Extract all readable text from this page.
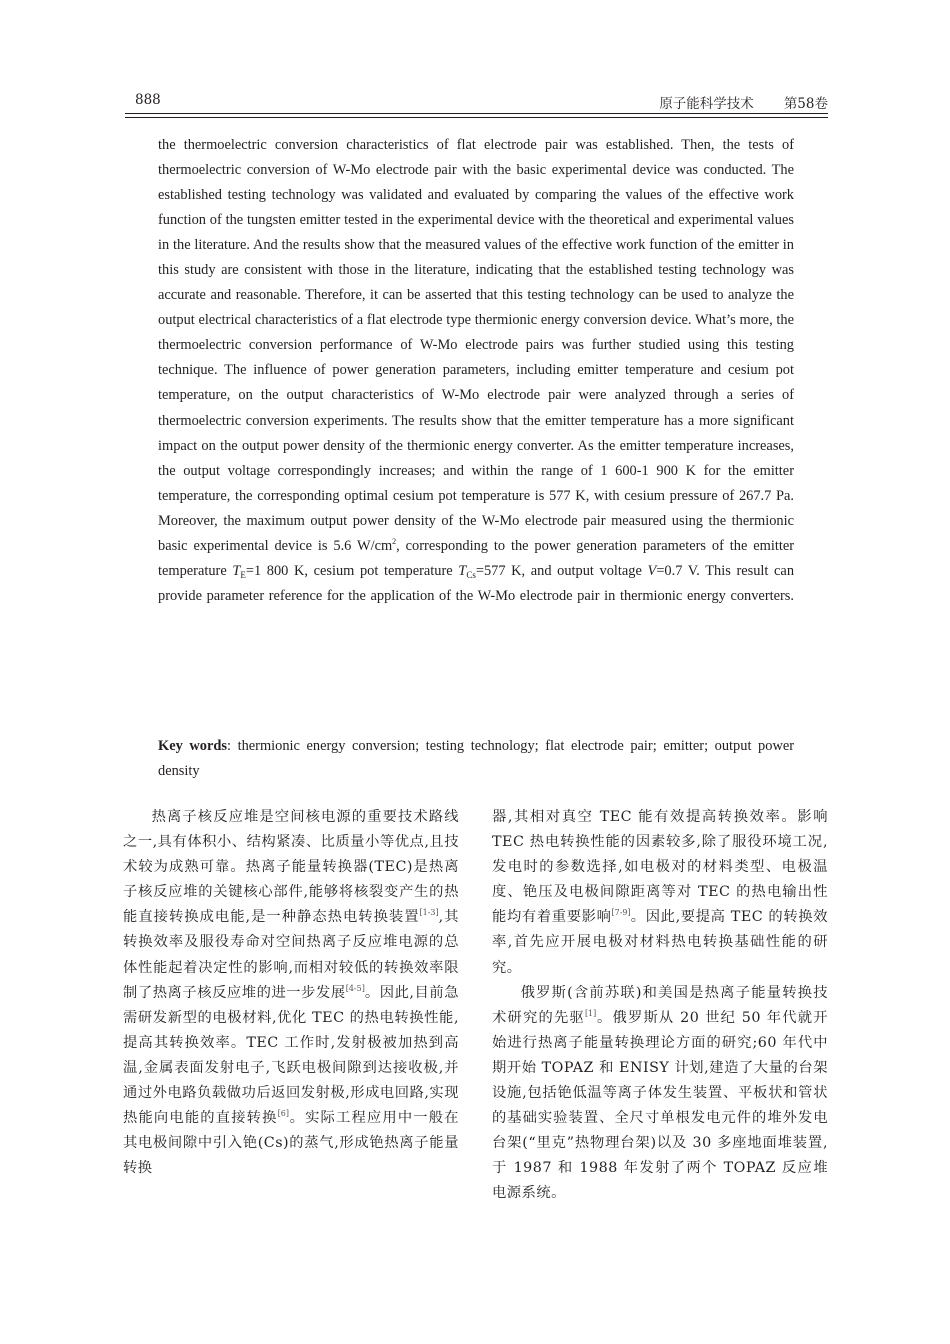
888	原子能科学技术 第58卷

the thermoelectric conversion characteristics of flat electrode pair was established. Then, the tests of thermoelectric conversion of W-Mo electrode pair with the basic experimental device was conducted. The established testing technology was validated and evaluated by comparing the values of the effective work function of the tungsten emitter tested in the experimental device with the theoretical and experimental values in the literature. And the results show that the measured values of the effective work function of the emitter in this study are consistent with those in the literature, indicating that the established testing technology was accurate and reasonable. Therefore, it can be asserted that this testing technology can be used to analyze the output electrical characteristics of a flat electrode type thermionic energy conversion device. What’s more, the thermoelectric conversion performance of W-Mo electrode pairs was further studied using this testing technique. The influence of power generation parameters, including emitter temperature and cesium pot temperature, on the output characteristics of W-Mo electrode pair were analyzed through a series of thermoelectric conversion experiments. The results show that the emitter temperature has a more significant impact on the output power density of the thermionic energy converter. As the emitter temperature increases, the output voltage correspondingly increases; and within the range of 1 600-1 900 K for the emitter temperature, the corresponding optimal cesium pot temperature is 577 K, with cesium pressure of 267.7 Pa. Moreover, the maximum output power density of the W-Mo electrode pair measured using the thermionic basic experimental device is 5.6 $W/cm^2$, corresponding to the power generation parameters of the emitter temperature $T_E=1$ 800 K, cesium pot temperature $T_{Cs}=577$ K, and output voltage V=0.7 V. This result can provide parameter reference for the application of the W-Mo electrode pair in thermionic energy converters.

Key words: thermionic energy conversion; testing technology; flat electrode pair; emitter; output power density

热离子核反应堆是空间核电源的重要技术路线之一,具有体积小、结构紧凑、比质量小等优点,且技术较为成熟可靠。热离子能量转换器(TEC)是热离子核反应堆的关键核心部件,能够将核裂变产生的热能直接转换成电能,是一种静态热电转换装置[1-3],其转换效率及服役寿命对空间热离子反应堆电源的总体性能起着决定性的影响,而相对较低的转换效率限制了热离子核反应堆的进一步发展[4-5]。因此,目前急需研发新型的电极材料,优化 TEC 的热电转换性能,提高其转换效率。TEC 工作时,发射极被加热到高温,金属表面发射电子,飞跃电极间隙到达接收极,并通过外电路负载做功后返回发射极,形成电回路,实现热能向电能的直接转换[6]。实际工程应用中一般在其电极间隙中引入铯(Cs)的蒸气,形成铯热离子能量转换

器,其相对真空 TEC 能有效提高转换效率。影响 TEC 热电转换性能的因素较多,除了服役环境工况,发电时的参数选择,如电极对的材料类型、电极温度、铯压及电极间隙距离等对 TEC 的热电输出性能均有着重要影响[7-9]。因此,要提高 TEC 的转换效率,首先应开展电极对材料热电转换基础性能的研究。

俄罗斯(含前苏联)和美国是热离子能量转换技术研究的先驱[1]。俄罗斯从 20 世纪 50 年代就开始进行热离子能量转换理论方面的研究;60 年代中期开始 TOPAZ 和 ENISY 计划,建造了大量的台架设施,包括铯低温等离子体发生装置、平板状和管状的基础实验装置、全尺寸单根发电元件的堆外发电台架(“里克”热物理台架)以及 30 多座地面堆装置,于 1987 和 1988 年发射了两个 TOPAZ 反应堆电源系统。
